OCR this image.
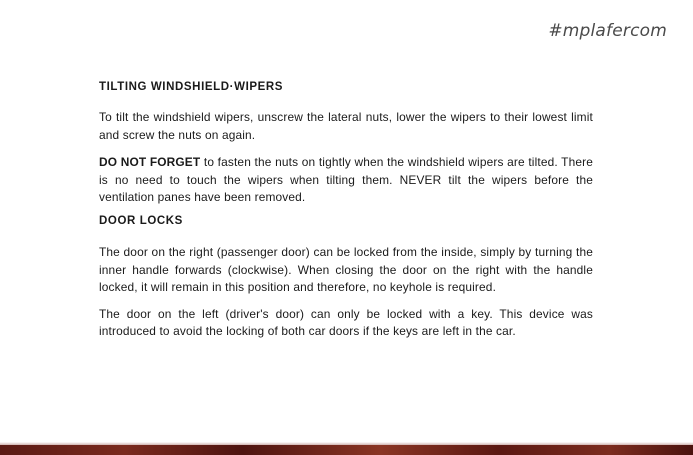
#mplafercom
TILTING WINDSHIELD·WIPERS

To tilt the windshield wipers, unscrew the lateral nuts, lower the wipers to their lowest limit and screw the nuts on again.

DO NOT FORGET to fasten the nuts on tightly when the windshield wipers are tilted. There is no need to touch the wipers when tilting them. NEVER tilt the wipers before the ventilation panes have been removed.

DOOR LOCKS

The door on the right (passenger door) can be locked from the inside, simply by turning the inner handle forwards (clockwise). When closing the door on the right with the handle locked, it will remain in this position and therefore, no keyhole is required.

The door on the left (driver's door) can only be locked with a key. This device was introduced to avoid the locking of both car doors if the keys are left in the car.
